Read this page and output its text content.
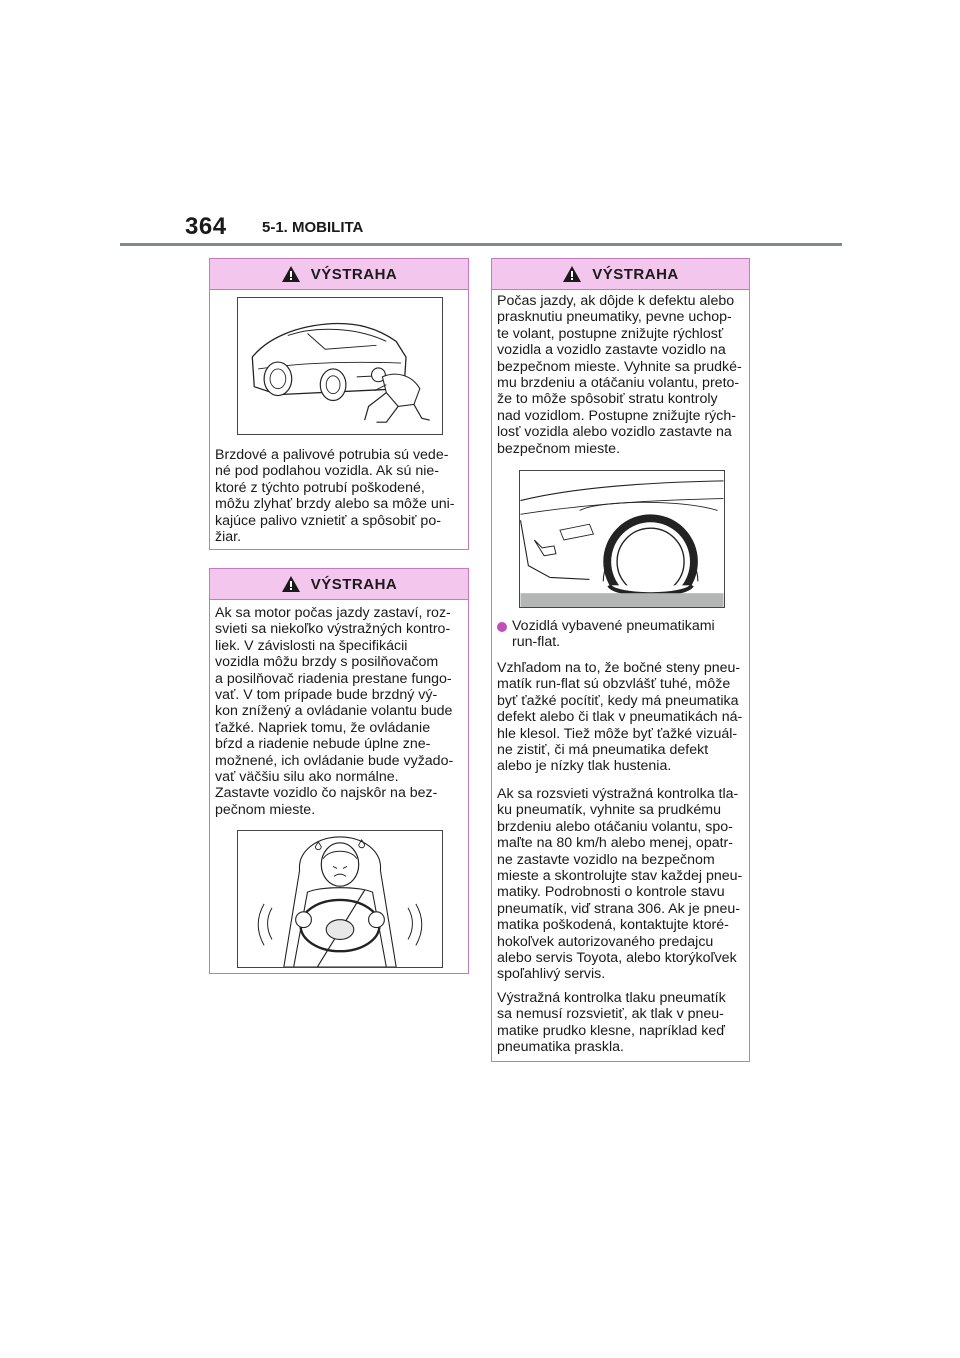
364 5-1. MOBILITA
VÝSTRAHA

Brzdové a palivové potrubia sú vede-
né pod podlahou vozidla. Ak sú nie-
ktoré z týchto potrubí poškodené,
môžu zlyhať brzdy alebo sa môže uni-
kajúce palivo vznietiť a spôsobiť po-
žiar.

VÝSTRAHA

Ak sa motor počas jazdy zastaví, roz-
svieti sa niekoľko výstražných kontro-
liek. V závislosti na špecifikácii
vozidla môžu brzdy s posilňovačom
a posilňovač riadenia prestane fungo-
vať. V tom prípade bude brzdný vý-
kon znížený a ovládanie volantu bude
ťažké. Napriek tomu, že ovládanie
bŕzd a riadenie nebude úplne zne-
možnené, ich ovládanie bude vyžado-
vať väčšiu silu ako normálne.
Zastavte vozidlo čo najskôr na bez-
pečnom mieste.

VÝSTRAHA

Počas jazdy, ak dôjde k defektu alebo
prasknutiu pneumatiky, pevne uchop-
te volant, postupne znižujte rýchlosť
vozidla a vozidlo zastavte vozidlo na
bezpečnom mieste. Vyhnite sa prudké-
mu brzdeniu a otáčaniu volantu, preto-
že to môže spôsobiť stratu kontroly
nad vozidlom. Postupne znižujte rých-
losť vozidla alebo vozidlo zastavte na
bezpečnom mieste.

Vozidlá vybavené pneumatikami
run-flat.

Vzhľadom na to, že bočné steny pneu-
matík run-flat sú obzvlášť tuhé, môže
byť ťažké pocítiť, kedy má pneumatika
defekt alebo či tlak v pneumatikách ná-
hle klesol. Tiež môže byť ťažké vizuál-
ne zistiť, či má pneumatika defekt
alebo je nízky tlak hustenia.

Ak sa rozsvieti výstražná kontrolka tla-
ku pneumatík, vyhnite sa prudkému
brzdeniu alebo otáčaniu volantu, spo-
maľte na 80 km/h alebo menej, opatr-
ne zastavte vozidlo na bezpečnom
mieste a skontrolujte stav každej pneu-
matiky. Podrobnosti o kontrole stavu
pneumatík, viď strana 306. Ak je pneu-
matika poškodená, kontaktujte ktoré-
hokoľvek autorizovaného predajcu
alebo servis Toyota, alebo ktorýkoľvek
spoľahlivý servis.

Výstražná kontrolka tlaku pneumatík
sa nemusí rozsvietiť, ak tlak v pneu-
matike prudko klesne, napríklad keď
pneumatika praskla.
